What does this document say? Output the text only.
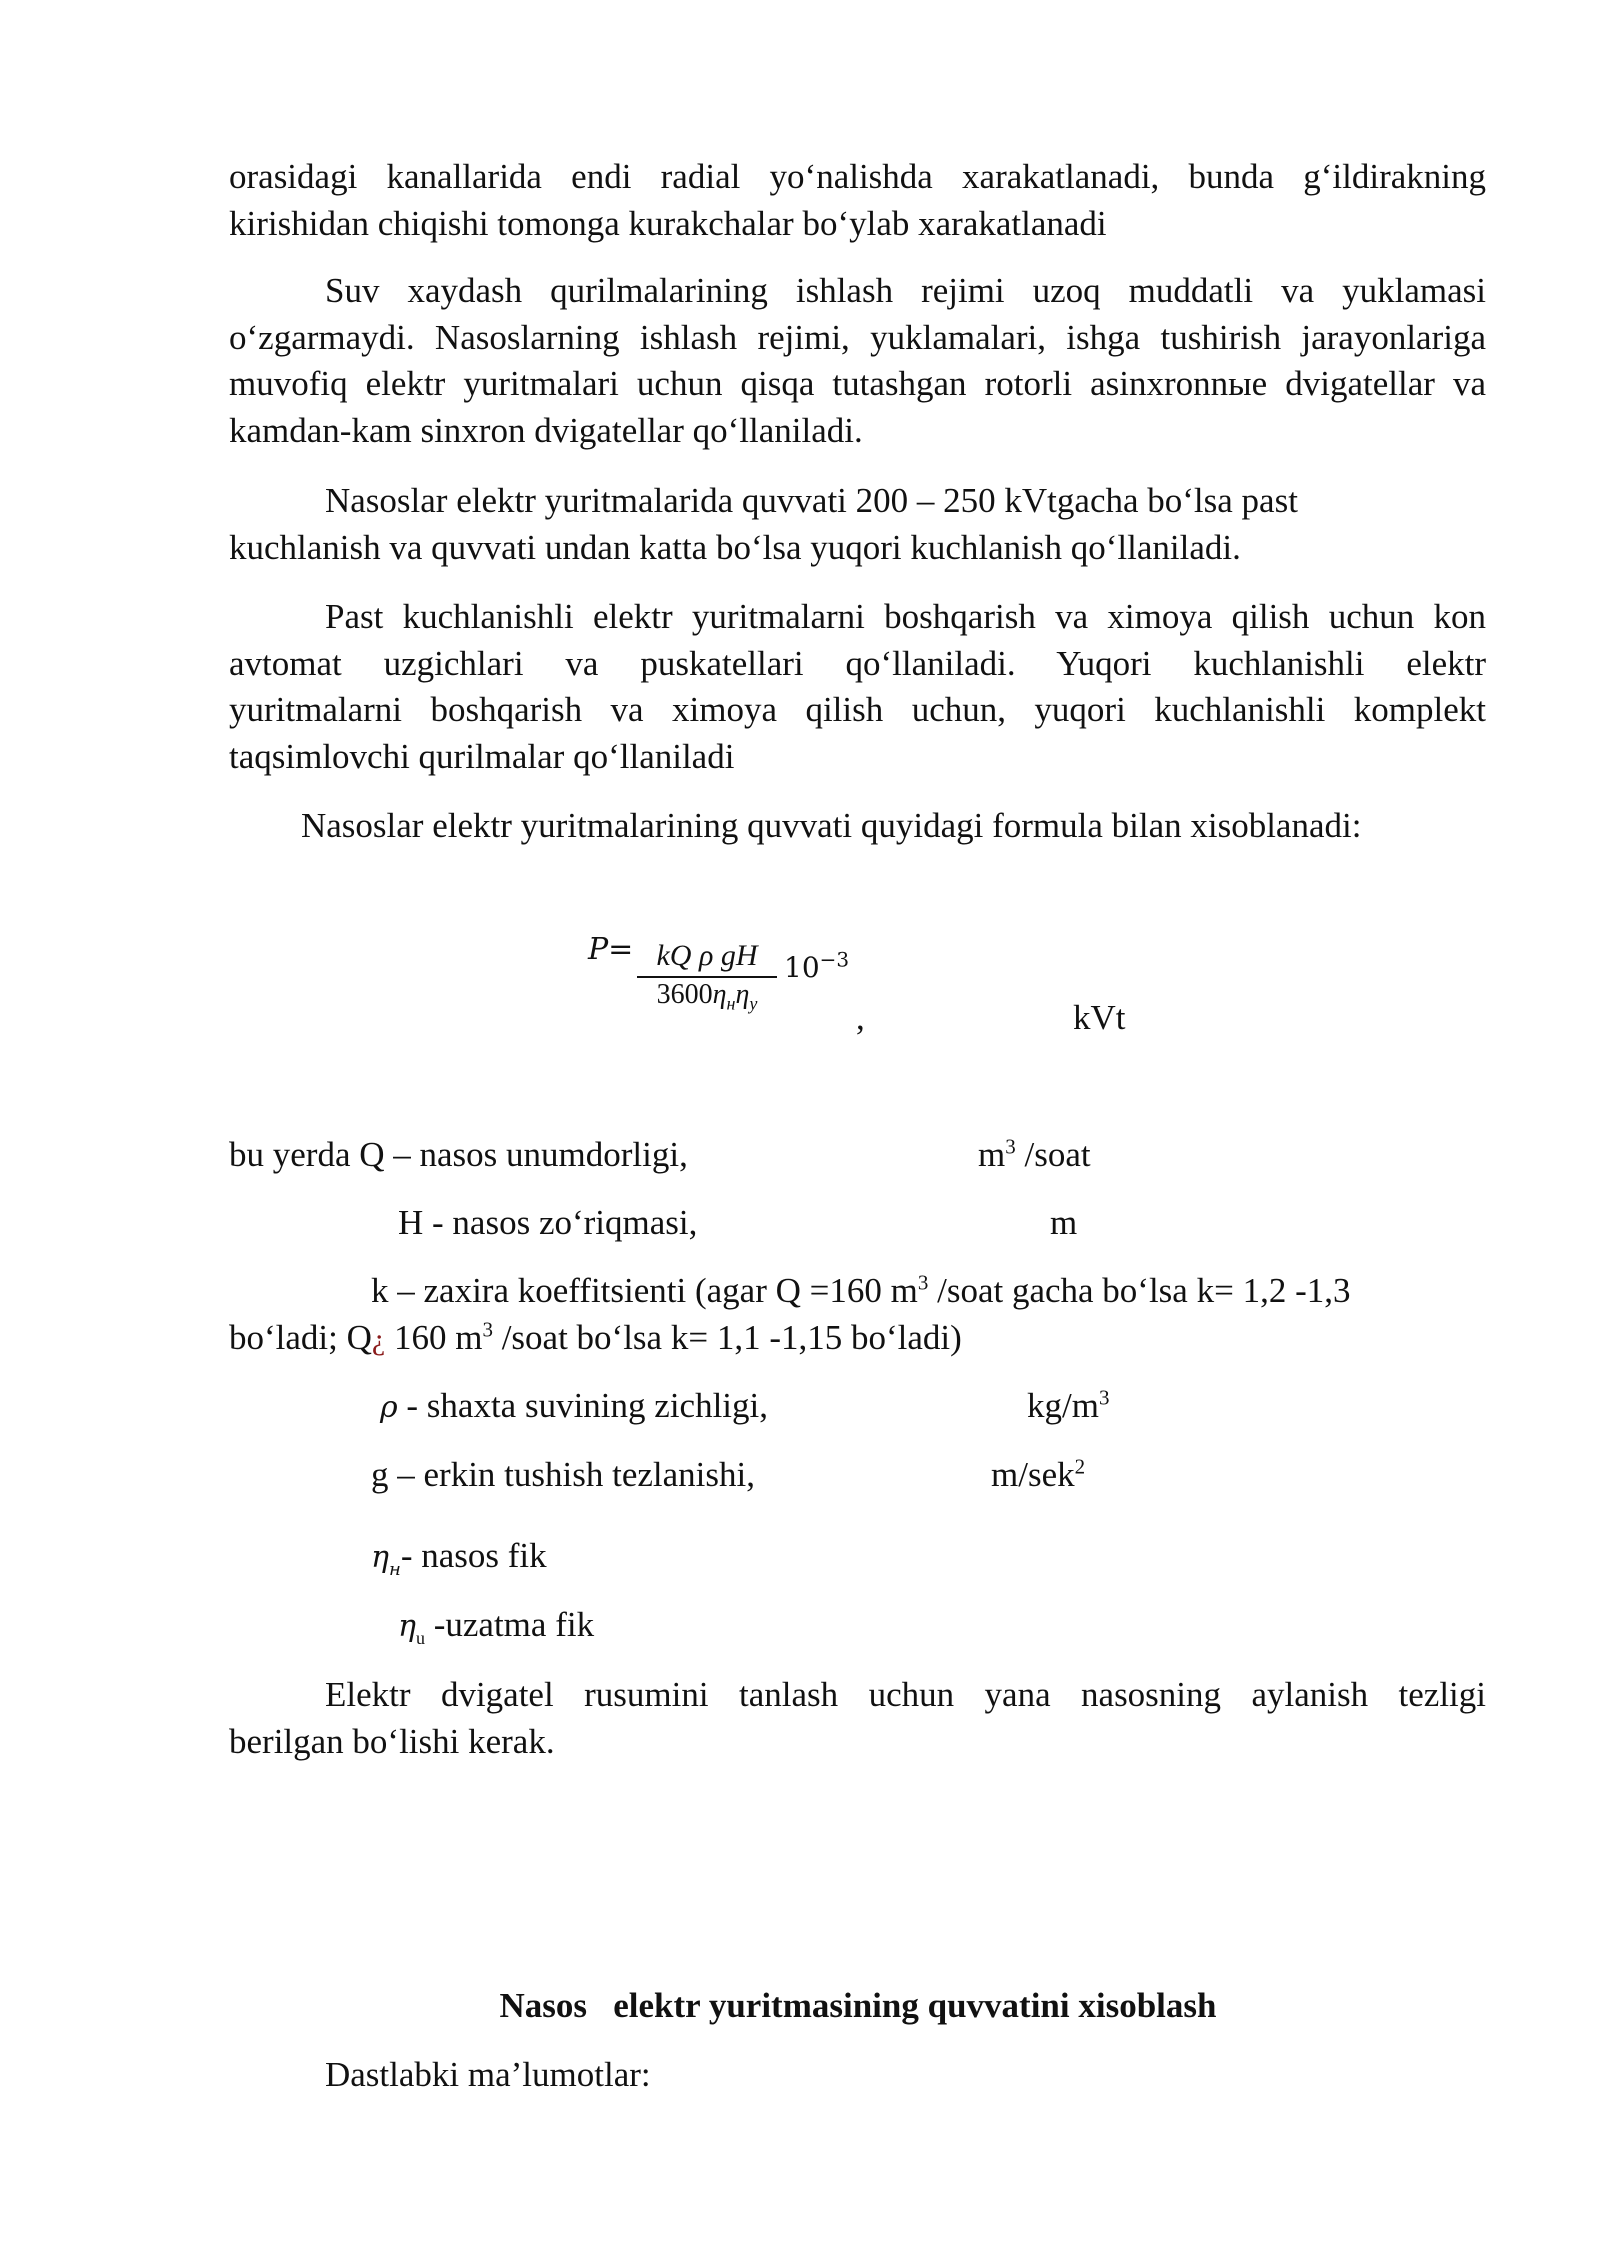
orasidagi kanallarida endi radial yo‘nalishda xarakatlanadi, bunda g‘ildirakning
kirishidan chiqishi tomonga kurakchalar bo‘ylab xarakatlanadi
Suv xaydash qurilmalarining ishlash rejimi uzoq muddatli va yuklamasi
o‘zgarmaydi. Nasoslarning ishlash rejimi, yuklamalari, ishga tushirish jarayonlariga
muvofiq elektr yuritmalari uchun qisqa tutashgan rotorli asinxronnыe dvigatellar va
kamdan-kam sinxron dvigatellar qo‘llaniladi.
Nasoslar elektr yuritmalarida quvvati 200 – 250 kVtgacha bo‘lsa past
kuchlanish va quvvati undan katta bo‘lsa yuqori kuchlanish qo‘llaniladi.
Past kuchlanishli elektr yuritmalarni boshqarish va ximoya qilish uchun kon
avtomat uzgichlari va puskatellari qo‘llaniladi. Yuqori kuchlanishli elektr
yuritmalarni boshqarish va ximoya qilish uchun, yuqori kuchlanishli komplekt
taqsimlovchi qurilmalar qo‘llaniladi
Nasoslar elektr yuritmalarining quvvati quyidagi formula bilan xisoblanadi:
P= kQ ρ gH
$3600\eta_н\eta_у$
$10^{-3}$
,	kVt
bu yerda Q – nasos unumdorligi,	$m^3$ /soat
H - nasos zo‘riqmasi,	m
k – zaxira koeffitsienti (agar Q =160 $m^3$ /soat gacha bo‘lsa k= 1,2 -1,3
bo‘ladi; Q¿ 160 $m^3$ /soat bo‘lsa k= 1,1 -1,15 bo‘ladi)
ρ - shaxta suvining zichligi,	$kg/m^3$
g – erkin tushish tezlanishi,	m/sek$^2$
$\eta_н-$ nasos fik
$\eta_u$ -uzatma fik
Elektr dvigatel rusumini tanlash uchun yana nasosning aylanish tezligi
berilgan bo‘lishi kerak.
Nasos   elektr yuritmasining quvvatini xisoblash
Dastlabki ma’lumotlar:
